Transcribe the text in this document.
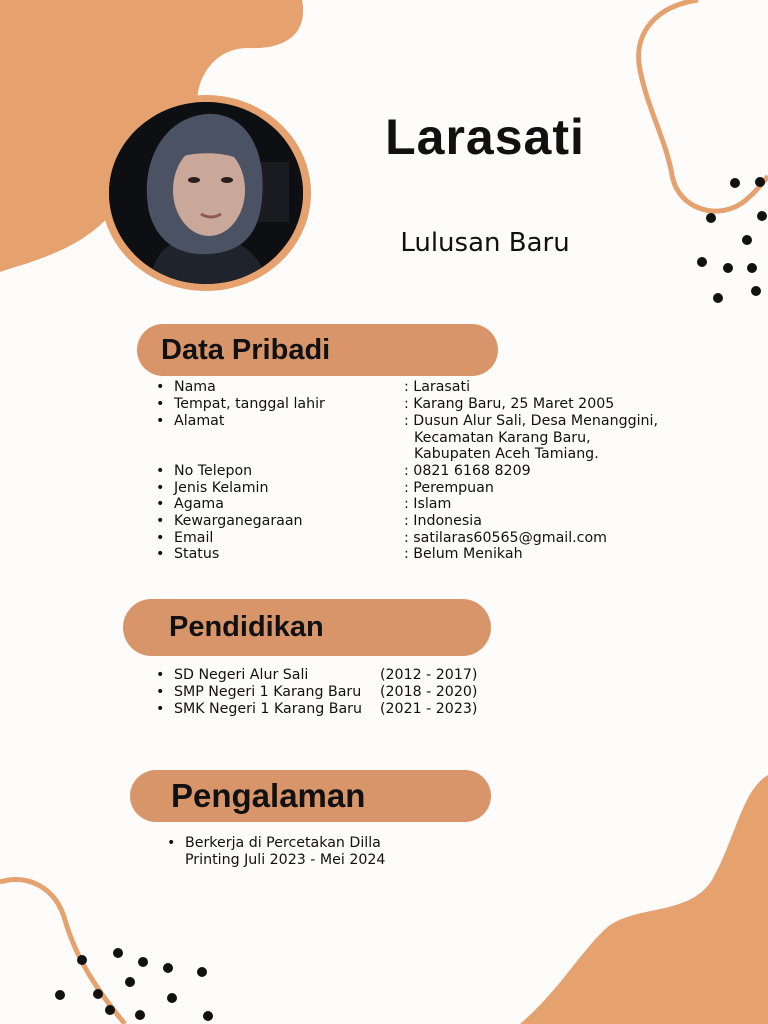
Larasati
Lulusan Baru
Data Pribadi
• Nama	: Larasati
• Tempat, tanggal lahir	: Karang Baru, 25 Maret 2005
• Alamat	: Dusun Alur Sali, Desa Menanggini,
Kecamatan Karang Baru,
Kabupaten Aceh Tamiang.
• No Telepon	: 0821 6168 8209
• Jenis Kelamin	: Perempuan
• Agama	: Islam
• Kewarganegaraan	: Indonesia
• Email	: satilaras60565@gmail.com
• Status	: Belum Menikah
Pendidikan
• SD Negeri Alur Sali	(2012 - 2017)
• SMP Negeri 1 Karang Baru (2018 - 2020)
• SMK Negeri 1 Karang Baru (2021 - 2023)
Pengalaman
• Berkerja di Percetakan Dilla
Printing Juli 2023 - Mei 2024
